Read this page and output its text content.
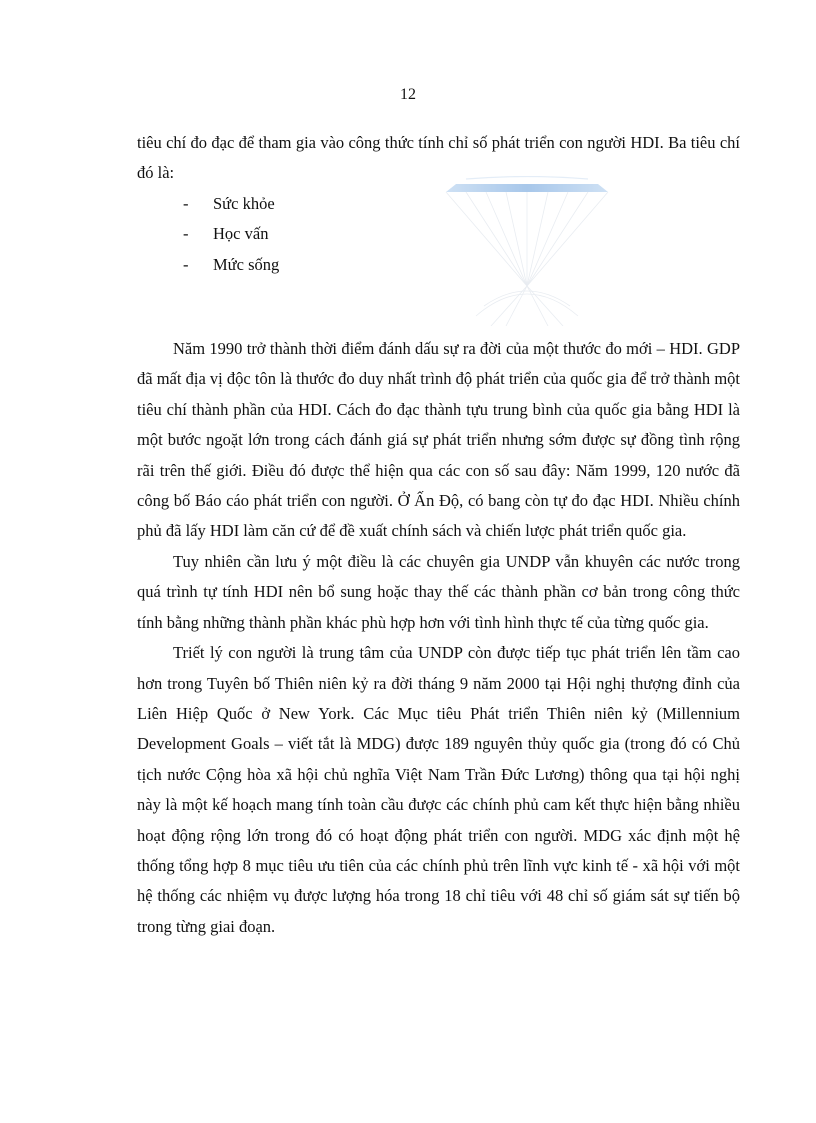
12

tiêu chí đo đạc để tham gia vào công thức tính chỉ số phát triển con người HDI. Ba tiêu chí đó là:

- Sức khỏe
- Học vấn
- Mức sống

Năm 1990 trở thành thời điểm đánh dấu sự ra đời của một thước đo mới – HDI. GDP đã mất địa vị độc tôn là thước đo duy nhất trình độ phát triển của quốc gia để trở thành một tiêu chí thành phần của HDI. Cách đo đạc thành tựu trung bình của quốc gia bằng HDI là một bước ngoặt lớn trong cách đánh giá sự phát triển nhưng sớm được sự đồng tình rộng rãi trên thế giới. Điều đó được thể hiện qua các con số sau đây: Năm 1999, 120 nước đã công bố Báo cáo phát triển con người. Ở Ấn Độ, có bang còn tự đo đạc HDI. Nhiều chính phủ đã lấy HDI làm căn cứ để đề xuất chính sách và chiến lược phát triển quốc gia.

Tuy nhiên cần lưu ý một điều là các chuyên gia UNDP vẫn khuyên các nước trong quá trình tự tính HDI nên bổ sung hoặc thay thế các thành phần cơ bản trong công thức tính bằng những thành phần khác phù hợp hơn với tình hình thực tế của từng quốc gia.

Triết lý con người là trung tâm của UNDP còn được tiếp tục phát triển lên tầm cao hơn trong Tuyên bố Thiên niên kỷ ra đời tháng 9 năm 2000 tại Hội nghị thượng đỉnh của Liên Hiệp Quốc ở New York. Các Mục tiêu Phát triển Thiên niên kỷ (Millennium Development Goals – viết tắt là MDG) được 189 nguyên thủy quốc gia (trong đó có Chủ tịch nước Cộng hòa xã hội chủ nghĩa Việt Nam Trần Đức Lương) thông qua tại hội nghị này là một kế hoạch mang tính toàn cầu được các chính phủ cam kết thực hiện bằng nhiều hoạt động rộng lớn trong đó có hoạt động phát triển con người. MDG xác định một hệ thống tổng hợp 8 mục tiêu ưu tiên của các chính phủ trên lĩnh vực kinh tế - xã hội với một hệ thống các nhiệm vụ được lượng hóa trong 18 chỉ tiêu với 48 chỉ số giám sát sự tiến bộ trong từng giai đoạn.
